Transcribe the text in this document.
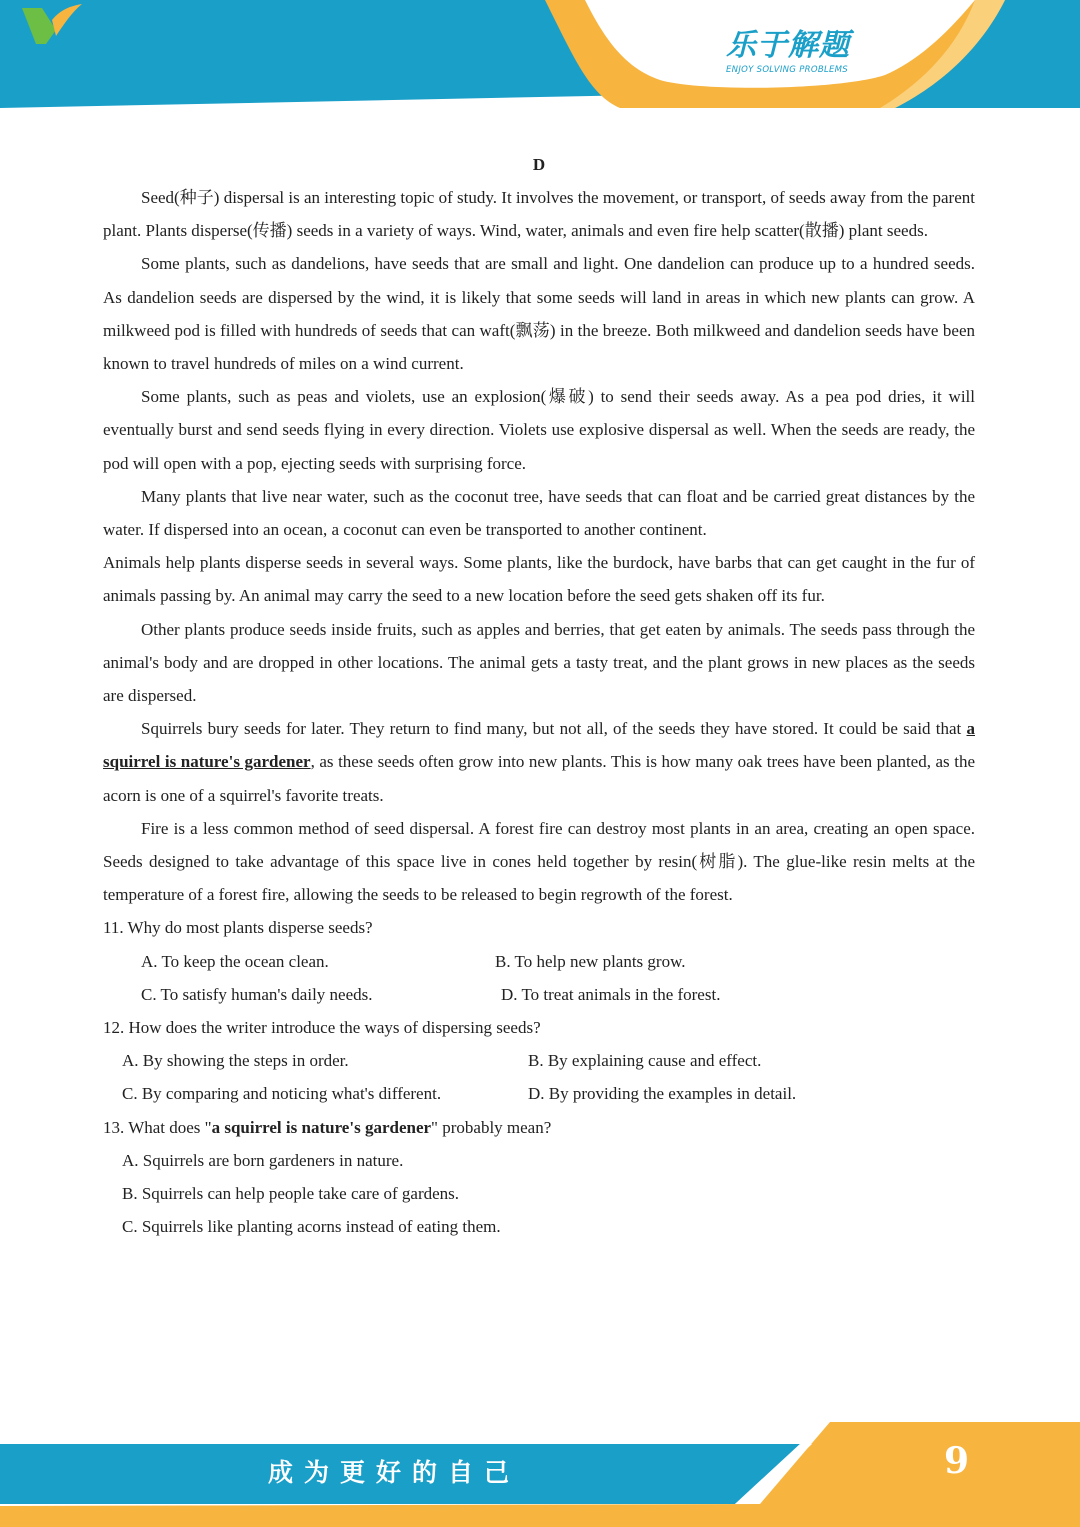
乐于解题
ENJOY SOLVING PROBLEMS
D

Seed(种子) dispersal is an interesting topic of study. It involves the movement, or transport, of seeds away from the parent plant. Plants disperse(传播) seeds in a variety of ways. Wind, water, animals and even fire help scatter(散播) plant seeds.

Some plants, such as dandelions, have seeds that are small and light. One dandelion can produce up to a hundred seeds. As dandelion seeds are dispersed by the wind, it is likely that some seeds will land in areas in which new plants can grow. A milkweed pod is filled with hundreds of seeds that can waft(飘荡) in the breeze. Both milkweed and dandelion seeds have been known to travel hundreds of miles on a wind current.

Some plants, such as peas and violets, use an explosion(爆破) to send their seeds away. As a pea pod dries, it will eventually burst and send seeds flying in every direction. Violets use explosive dispersal as well. When the seeds are ready, the pod will open with a pop, ejecting seeds with surprising force.

Many plants that live near water, such as the coconut tree, have seeds that can float and be carried great distances by the water. If dispersed into an ocean, a coconut can even be transported to another continent.

Animals help plants disperse seeds in several ways. Some plants, like the burdock, have barbs that can get caught in the fur of animals passing by. An animal may carry the seed to a new location before the seed gets shaken off its fur.

Other plants produce seeds inside fruits, such as apples and berries, that get eaten by animals. The seeds pass through the animal's body and are dropped in other locations. The animal gets a tasty treat, and the plant grows in new places as the seeds are dispersed.

Squirrels bury seeds for later. They return to find many, but not all, of the seeds they have stored. It could be said that a squirrel is nature's gardener, as these seeds often grow into new plants. This is how many oak trees have been planted, as the acorn is one of a squirrel's favorite treats.

Fire is a less common method of seed dispersal. A forest fire can destroy most plants in an area, creating an open space. Seeds designed to take advantage of this space live in cones held together by resin(树脂). The glue-like resin melts at the temperature of a forest fire, allowing the seeds to be released to begin regrowth of the forest.

11. Why do most plants disperse seeds?

A. To keep the ocean clean.	B. To help new plants grow.
C. To satisfy human's daily needs.	D. To treat animals in the forest.

12. How does the writer introduce the ways of dispersing seeds?

A. By showing the steps in order.	B. By explaining cause and effect.
C. By comparing and noticing what's different.	D. By providing the examples in detail.

13. What does "a squirrel is nature's gardener" probably mean?

A. Squirrels are born gardeners in nature.

B. Squirrels can help people take care of gardens.

C. Squirrels like planting acorns instead of eating them.

成为更好的自己	9
